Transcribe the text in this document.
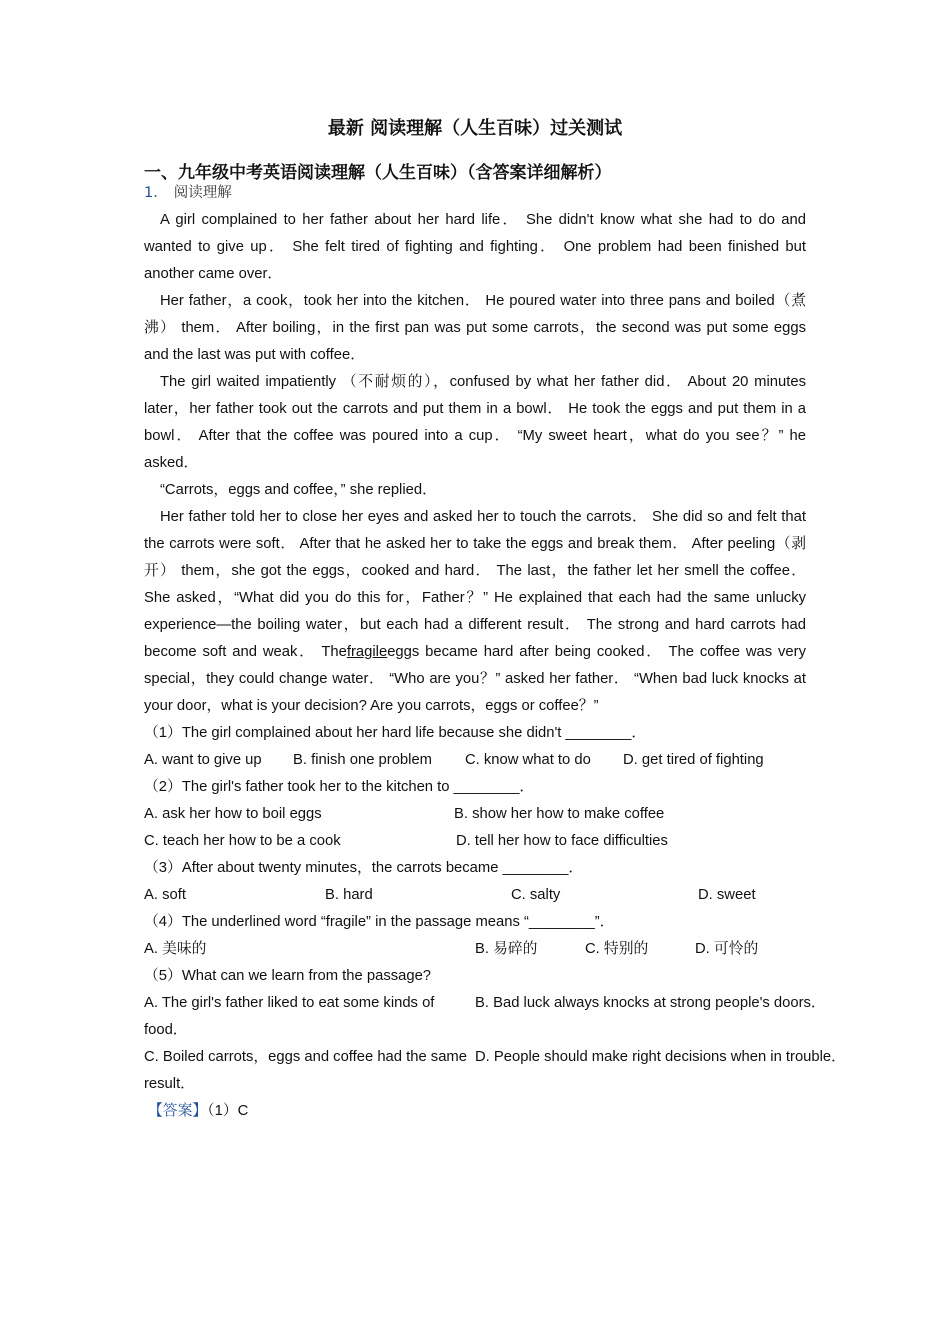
最新 阅读理解（人生百味）过关测试
一、九年级中考英语阅读理解（人生百味）（含答案详细解析）
1． 阅读理解

A girl complained to her father about her hard life． She didn't know what she had to do and wanted to give up． She felt tired of fighting and fighting． One problem had been finished but another came over．

Her father，a cook，took her into the kitchen． He poured water into three pans and boiled（煮沸） them． After boiling，in the first pan was put some carrots，the second was put some eggs and the last was put with coffee．

The girl waited impatiently （不耐烦的），confused by what her father did． About 20 minutes later，her father took out the carrots and put them in a bowl． He took the eggs and put them in a bowl． After that the coffee was poured into a cup． “My sweet heart，what do you see？” he asked．

“Carrots，eggs and coffee，” she replied．

Her father told her to close her eyes and asked her to touch the carrots． She did so and felt that the carrots were soft． After that he asked her to take the eggs and break them． After peeling（剥开） them，she got the eggs，cooked and hard． The last，the father let her smell the coffee． She asked，“What did you do this for，Father？” He explained that each had the same unlucky experience—the boiling water，but each had a different result． The strong and hard carrots had become soft and weak． Thefragileeggs became hard after being cooked． The coffee was very special，they could change water． “Who are you？” asked her father． “When bad luck knocks at your door，what is your decision? Are you carrots，eggs or coffee？”

（1）The girl complained about her hard life because she didn't ________．

A. want to give up	B. finish one problem	C. know what to do	D. get tired of fighting

（2）The girl's father took her to the kitchen to ________．

A. ask her how to boil eggs	B. show her how to make coffee
C. teach her how to be a cook	D. tell her how to face difficulties

（3）After about twenty minutes，the carrots became ________．

A. soft	B. hard	C. salty	D. sweet

（4）The underlined word “fragile” in the passage means “________”．

A. 美味的	B. 易碎的	C. 特别的	D. 可怜的

（5）What can we learn from the passage?

A. The girl's father liked to eat some kinds of food．
B. Bad luck always knocks at strong people's doors．
C. Boiled carrots，eggs and coffee had the same result．
D. People should make right decisions when in trouble．

【答案】（1）C
